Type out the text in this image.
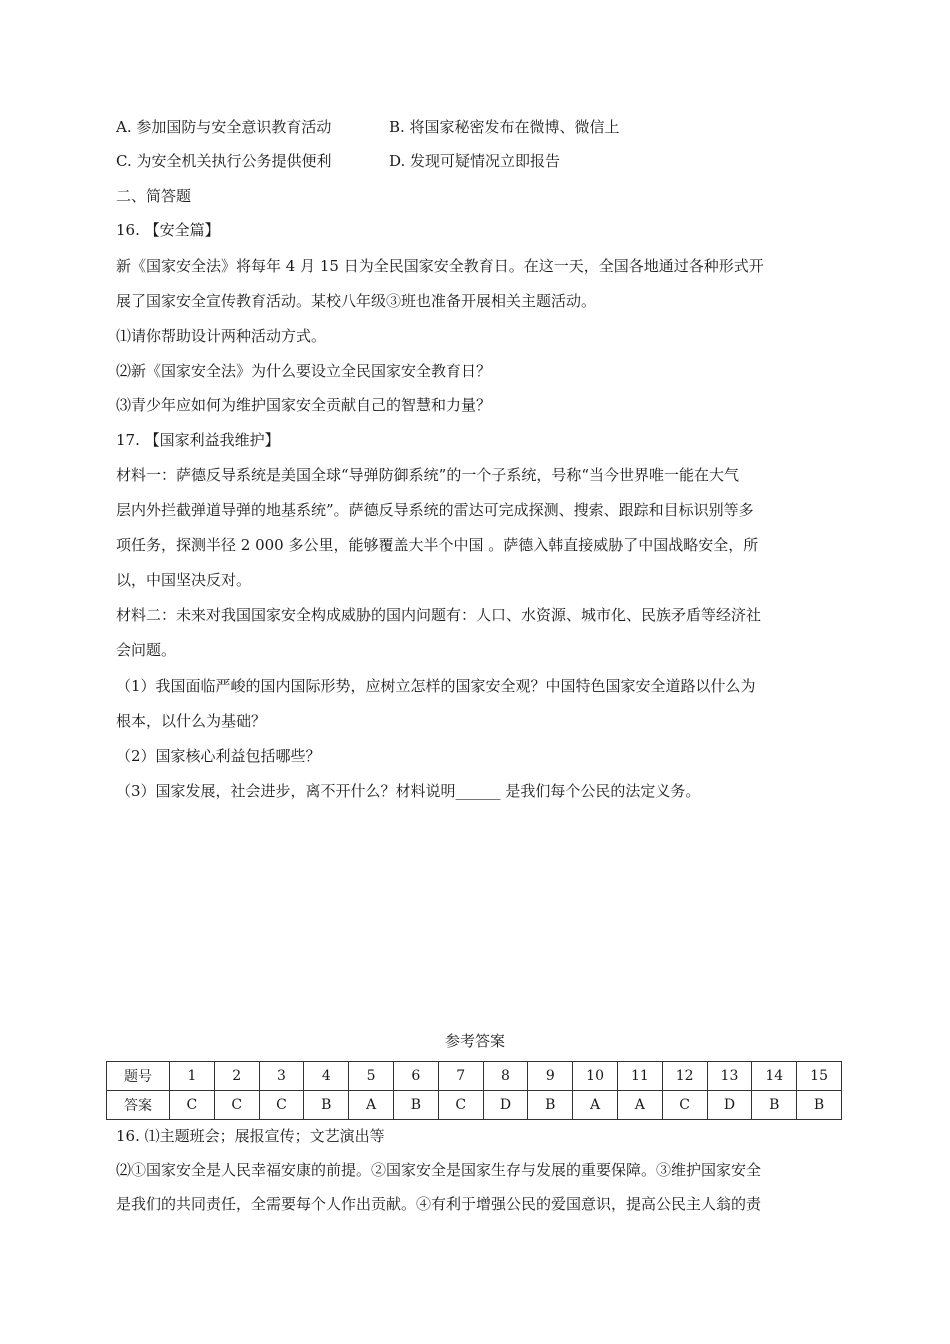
A. 参加国防与安全意识教育活动	B. 将国家秘密发布在微博、微信上
C. 为安全机关执行公务提供便利	D. 发现可疑情况立即报告
二、简答题
16. 【安全篇】
新《国家安全法》将每年 4 月 15 日为全民国家安全教育日。在这一天，全国各地通过各种形式开
展了国家安全宣传教育活动。某校八年级③班也准备开展相关主题活动。
⑴请你帮助设计两种活动方式。
⑵新《国家安全法》为什么要设立全民国家安全教育日？
⑶青少年应如何为维护国家安全贡献自己的智慧和力量？
17. 【国家利益我维护】
材料一：萨德反导系统是美国全球“导弹防御系统”的一个子系统，号称“当今世界唯一能在大气
层内外拦截弹道导弹的地基系统”。萨德反导系统的雷达可完成探测、搜索、跟踪和目标识别等多
项任务，探测半径 2 000 多公里，能够覆盖大半个中国 。萨德入韩直接威胁了中国战略安全，所
以，中国坚决反对。
材料二：未来对我国国家安全构成威胁的国内问题有：人口、水资源、城市化、民族矛盾等经济社
会问题。
（1）我国面临严峻的国内国际形势，应树立怎样的国家安全观？中国特色国家安全道路以什么为
根本，以什么为基础？
（2）国家核心利益包括哪些？
（3）国家发展，社会进步，离不开什么？材料说明______ 是我们每个公民的法定义务。
参考答案
题号	1	2	3	4	5	6	7	8	9	10	11	12	13	14	15
答案	C	C	C	B	A	B	C	D	B	A	A	C	D	B	B
16. ⑴主题班会；展报宣传；文艺演出等
⑵①国家安全是人民幸福安康的前提。②国家安全是国家生存与发展的重要保障。③维护国家安全
是我们的共同责任，全需要每个人作出贡献。④有利于增强公民的爱国意识，提高公民主人翁的责
